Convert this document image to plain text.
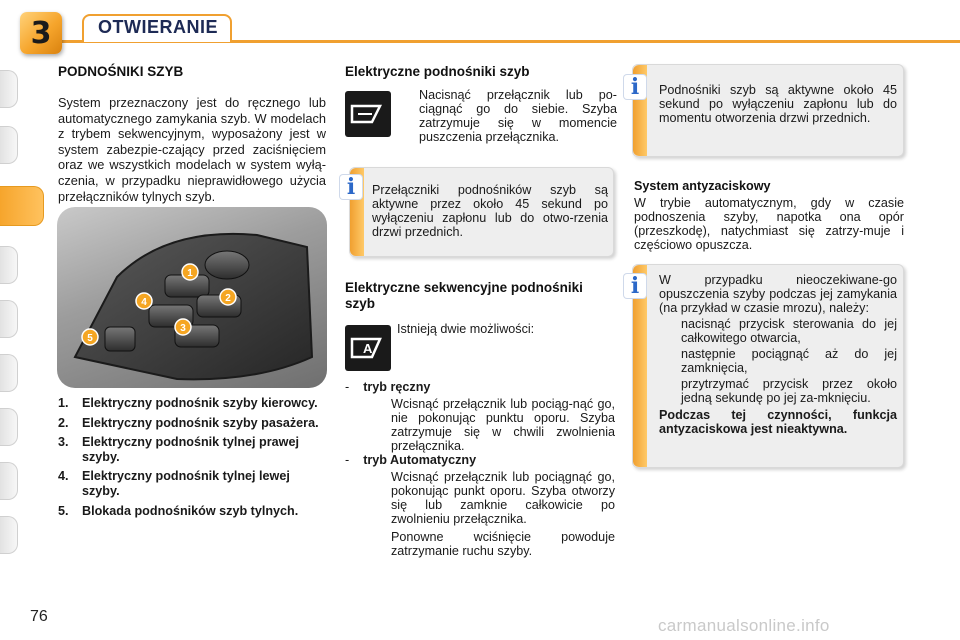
3	OTWIERANIE
PODNOŚNIKI SZYB
System przeznaczony jest do ręcznego lub automatycznego zamykania szyb. W modelach z trybem sekwencyjnym, wyposażony jest w system zabezpie-czający przed zaciśnięciem oraz we wszystkich modelach w system wyłą-czenia, w przypadku nieprawidłowego użycia przełączników tylnych szyb.
1
2
3
4
5
1. Elektryczny podnośnik szyby kierowcy.
2. Elektryczny podnośnik szyby pasażera.
3. Elektryczny podnośnik tylnej prawej szyby.
4. Elektryczny podnośnik tylnej lewej szyby.
5. Blokada podnośników szyb tylnych.
Elektryczne podnośniki szyb
Nacisnąć przełącznik lub po-ciągnąć go do siebie. Szyba zatrzymuje się w momencie puszczenia przełącznika.
Przełączniki podnośników szyb są aktywne przez około 45 sekund po wyłączeniu zapłonu lub do otwo-rzenia drzwi przednich.
i
Elektryczne sekwencyjne podnośniki szyb
A
Istnieją dwie możliwości:
- tryb ręczny
Wcisnąć przełącznik lub pociąg-nąć go, nie pokonując punktu oporu. Szyba zatrzymuje się w chwili zwolnienia przełącznika.
- tryb Automatyczny
Wcisnąć przełącznik lub pociągnąć go, pokonując punkt oporu. Szyba otworzy się lub zamknie całkowicie po zwolnieniu przełącznika.
Ponowne wciśnięcie powoduje zatrzymanie ruchu szyby.
Podnośniki szyb są aktywne około 45 sekund po wyłączeniu zapłonu lub do momentu otworzenia drzwi przednich.
i
System antyzaciskowy
W trybie automatycznym, gdy w czasie podnoszenia szyby, napotka ona opór (przeszkodę), natychmiast się zatrzy-muje i częściowo opuszcza.
W przypadku nieoczekiwane-go opuszczenia szyby podczas jej zamykania (na przykład w czasie mrozu), należy:
nacisnąć przycisk sterowania do jej całkowitego otwarcia,
następnie pociągnąć aż do jej zamknięcia,
przytrzymać przycisk przez około jedną sekundę po jej za-mknięciu.
Podczas tej czynności, funkcja antyzaciskowa jest nieaktywna.
i
76	carmanualsonline.info
